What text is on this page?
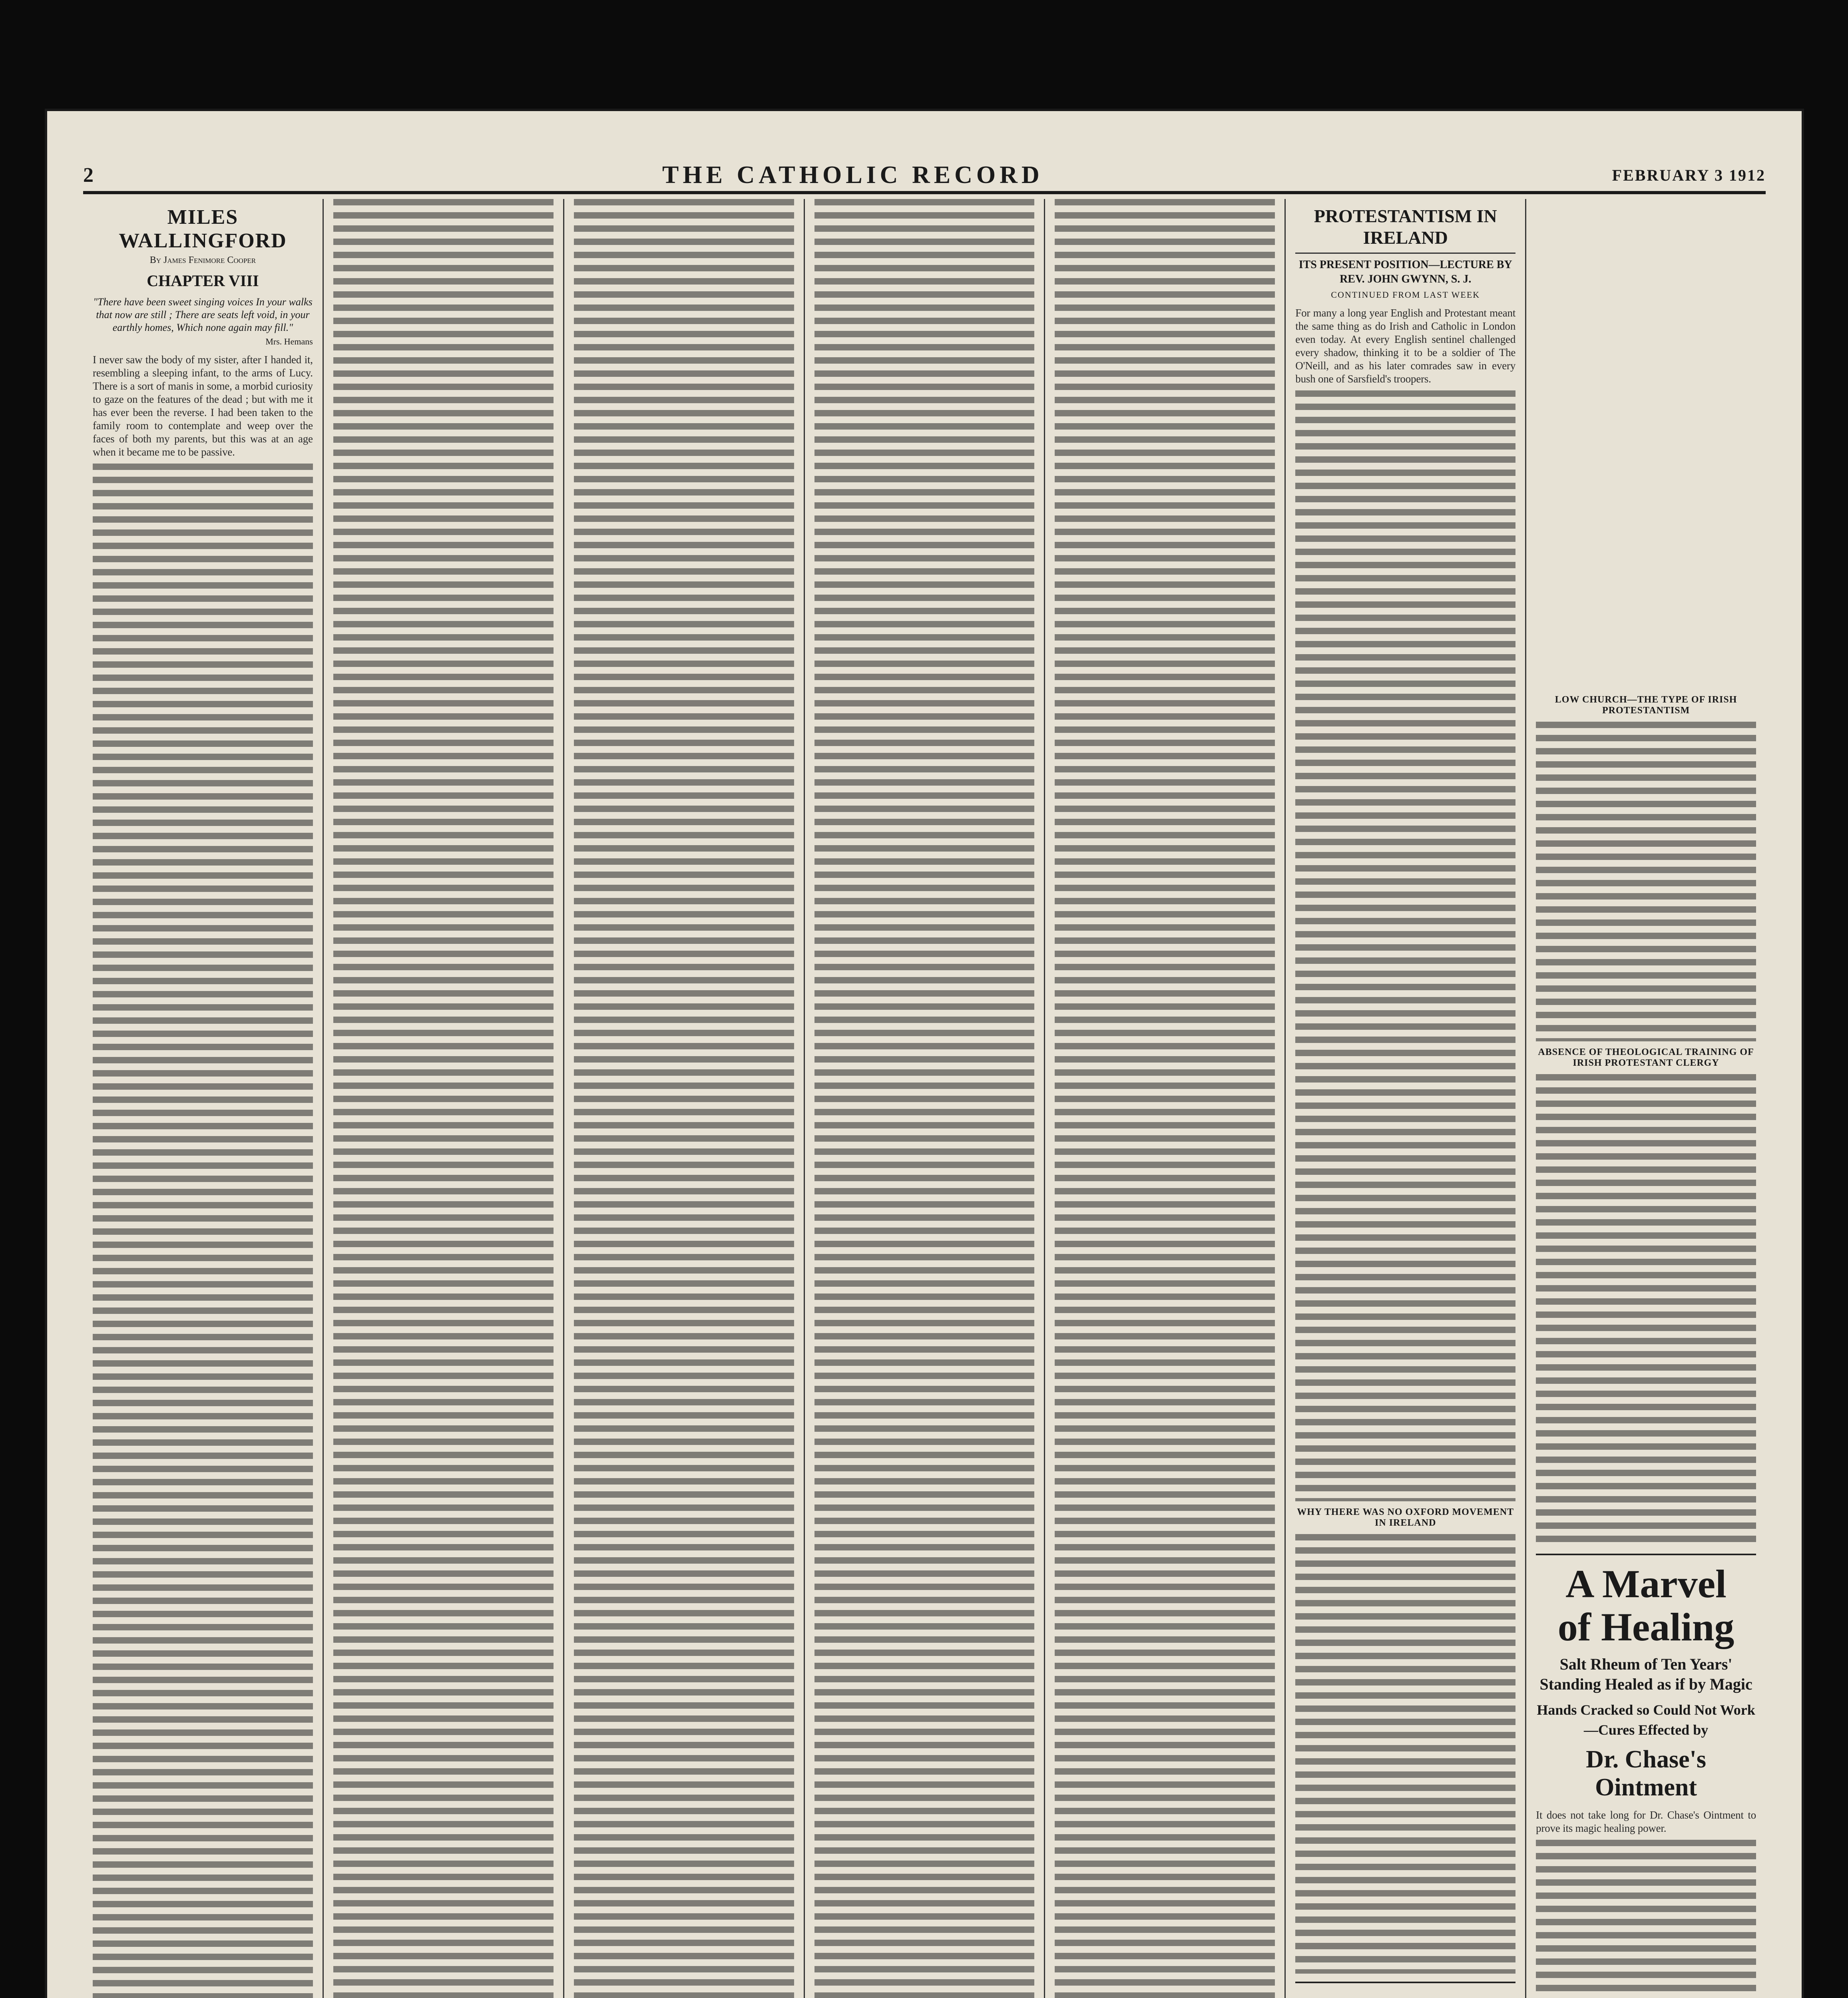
2	THE CATHOLIC RECORD	FEBRUARY 3 1912
MILES WALLINGFORD
By James Fenimore Cooper
CHAPTER VIII
"There have been sweet singing voices In your walks that now are still ; There are seats left void, in your earthly homes, Which none again may fill."
Mrs. Hemans
I never saw the body of my sister, after I handed it, resembling a sleeping infant, to the arms of Lucy. There is a sort of manis in some, a morbid curiosity to gaze on the features of the dead ; but with me it has ever been the reverse. I had been taken to the family room to contemplate and weep over the faces of both my parents, but this was at an age when it became me to be passive.
PROTESTANTISM IN IRELAND
ITS PRESENT POSITION—LECTURE BY REV. JOHN GWYNN, S. J.
CONTINUED FROM LAST WEEK
For many a long year English and Protestant meant the same thing as do Irish and Catholic in London even today. At every English sentinel challenged every shadow, thinking it to be a soldier of The O'Neill, and as his later comrades saw in every bush one of Sarsfield's troopers.
WHY THERE WAS NO OXFORD MOVEMENT IN IRELAND
LOW CHURCH—THE TYPE OF IRISH PROTESTANTISM
ABSENCE OF THEOLOGICAL TRAINING OF IRISH PROTESTANT CLERGY
A Marvel
of Healing
Salt Rheum of Ten Years' Standing Healed as if by Magic
Hands Cracked so Could Not Work—Cures Effected by
Dr. Chase's Ointment
It does not take long for Dr. Chase's Ointment to prove its magic healing power.
